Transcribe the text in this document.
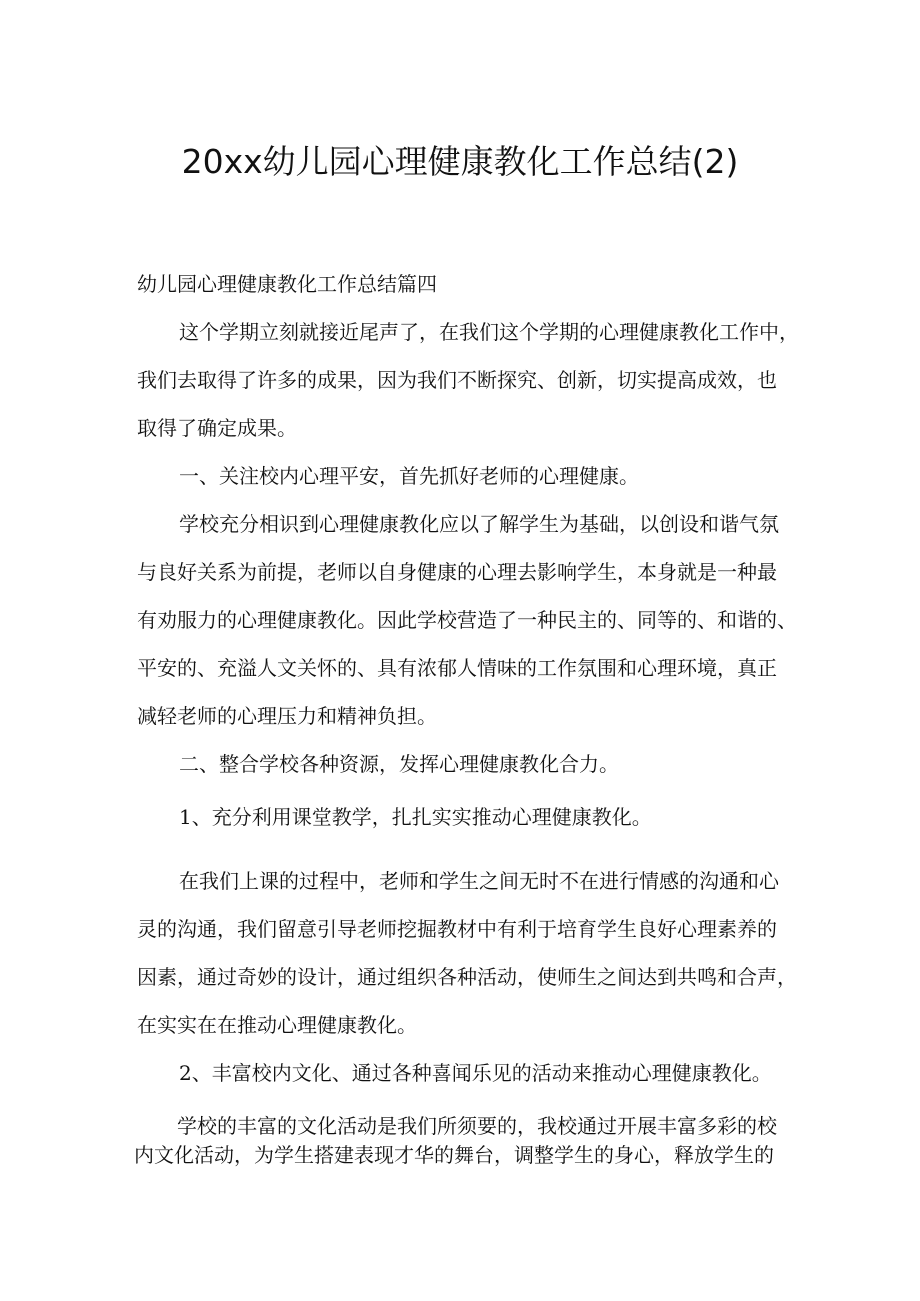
20xx幼儿园心理健康教化工作总结(2)
幼儿园心理健康教化工作总结篇四
这个学期立刻就接近尾声了，在我们这个学期的心理健康教化工作中，
我们去取得了许多的成果，因为我们不断探究、创新，切实提高成效，也
取得了确定成果。
一、关注校内心理平安，首先抓好老师的心理健康。
学校充分相识到心理健康教化应以了解学生为基础，以创设和谐气氛
与良好关系为前提，老师以自身健康的心理去影响学生，本身就是一种最
有劝服力的心理健康教化。因此学校营造了一种民主的、同等的、和谐的、
平安的、充溢人文关怀的、具有浓郁人情味的工作氛围和心理环境，真正
减轻老师的心理压力和精神负担。
二、整合学校各种资源，发挥心理健康教化合力。
1、充分利用课堂教学，扎扎实实推动心理健康教化。
在我们上课的过程中，老师和学生之间无时不在进行情感的沟通和心
灵的沟通，我们留意引导老师挖掘教材中有利于培育学生良好心理素养的
因素，通过奇妙的设计，通过组织各种活动，使师生之间达到共鸣和合声，
在实实在在推动心理健康教化。
2、丰富校内文化、通过各种喜闻乐见的活动来推动心理健康教化。
学校的丰富的文化活动是我们所须要的，我校通过开展丰富多彩的校
内文化活动，为学生搭建表现才华的舞台，调整学生的身心，释放学生的
